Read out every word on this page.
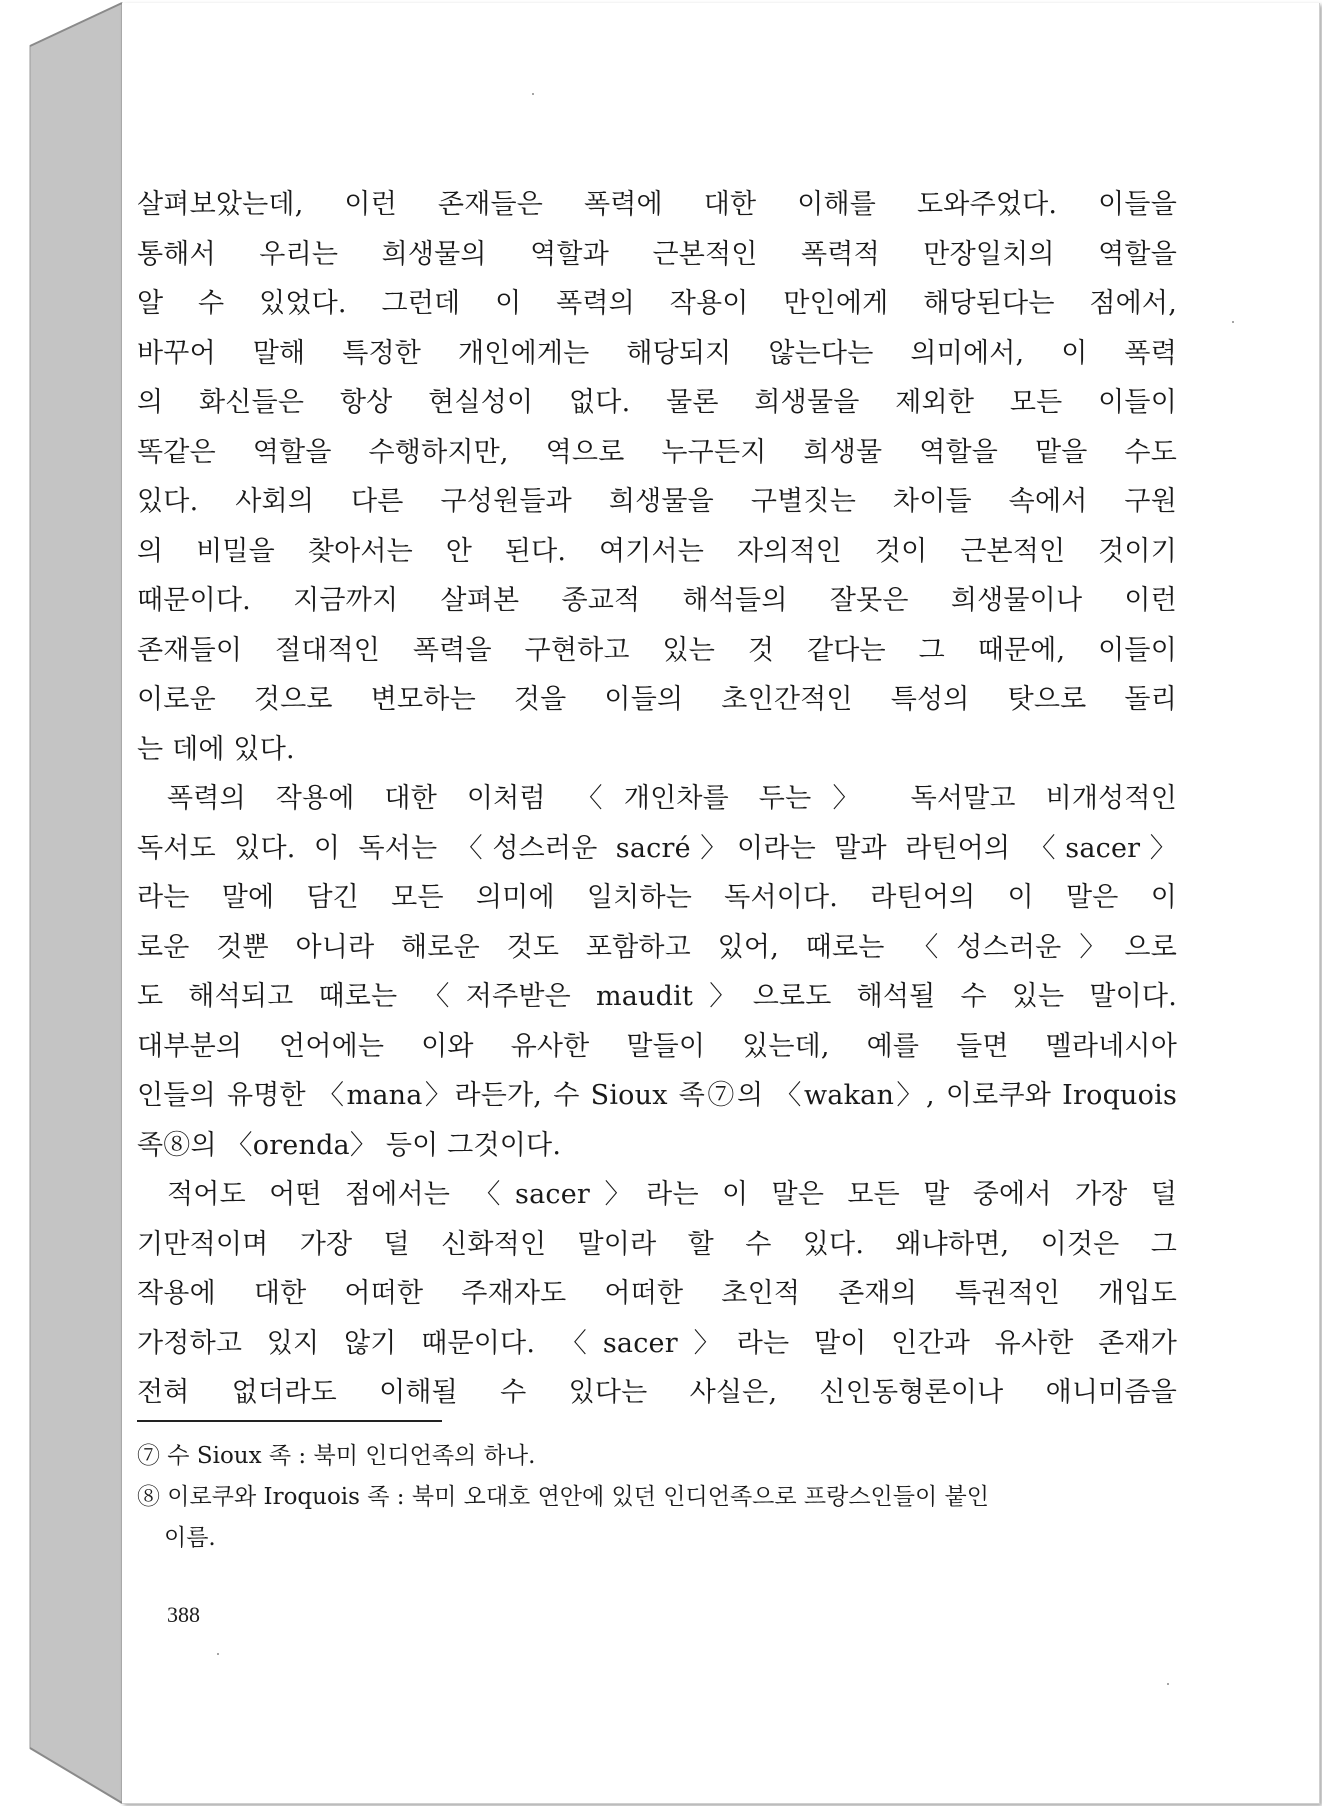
살펴보았는데, 이런 존재들은 폭력에 대한 이해를 도와주었다. 이들을
통해서 우리는 희생물의 역할과 근본적인 폭력적 만장일치의 역할을
알 수 있었다. 그런데 이 폭력의 작용이 만인에게 해당된다는 점에서,
바꾸어 말해 특정한 개인에게는 해당되지 않는다는 의미에서, 이 폭력
의 화신들은 항상 현실성이 없다. 물론 희생물을 제외한 모든 이들이
똑같은 역할을 수행하지만, 역으로 누구든지 희생물 역할을 맡을 수도
있다. 사회의 다른 구성원들과 희생물을 구별짓는 차이들 속에서 구원
의 비밀을 찾아서는 안 된다. 여기서는 자의적인 것이 근본적인 것이기
때문이다. 지금까지 살펴본 종교적 해석들의 잘못은 희생물이나 이런
존재들이 절대적인 폭력을 구현하고 있는 것 같다는 그 때문에, 이들이
이로운 것으로 변모하는 것을 이들의 초인간적인 특성의 탓으로 돌리
는 데에 있다.
폭력의 작용에 대한 이처럼 〈개인차를 두는〉 독서말고 비개성적인
독서도 있다. 이 독서는 〈성스러운 sacré〉이라는 말과 라틴어의 〈sacer〉
라는 말에 담긴 모든 의미에 일치하는 독서이다. 라틴어의 이 말은 이
로운 것뿐 아니라 해로운 것도 포함하고 있어, 때로는 〈성스러운〉으로
도 해석되고 때로는 〈저주받은 maudit〉으로도 해석될 수 있는 말이다.
대부분의 언어에는 이와 유사한 말들이 있는데, 예를 들면 멜라네시아
인들의 유명한 〈mana〉라든가, 수 Sioux 족⑦의 〈wakan〉, 이로쿠와 Iroquois
족⑧의 〈orenda〉 등이 그것이다.
적어도 어떤 점에서는 〈sacer〉라는 이 말은 모든 말 중에서 가장 덜
기만적이며 가장 덜 신화적인 말이라 할 수 있다. 왜냐하면, 이것은 그
작용에 대한 어떠한 주재자도 어떠한 초인적 존재의 특권적인 개입도
가정하고 있지 않기 때문이다. 〈sacer〉라는 말이 인간과 유사한 존재가
전혀 없더라도 이해될 수 있다는 사실은, 신인동형론이나 애니미즘을
⑦ 수 Sioux 족 : 북미 인디언족의 하나.
⑧ 이로쿠와 Iroquois 족 : 북미 오대호 연안에 있던 인디언족으로 프랑스인들이 붙인
이름.
388
